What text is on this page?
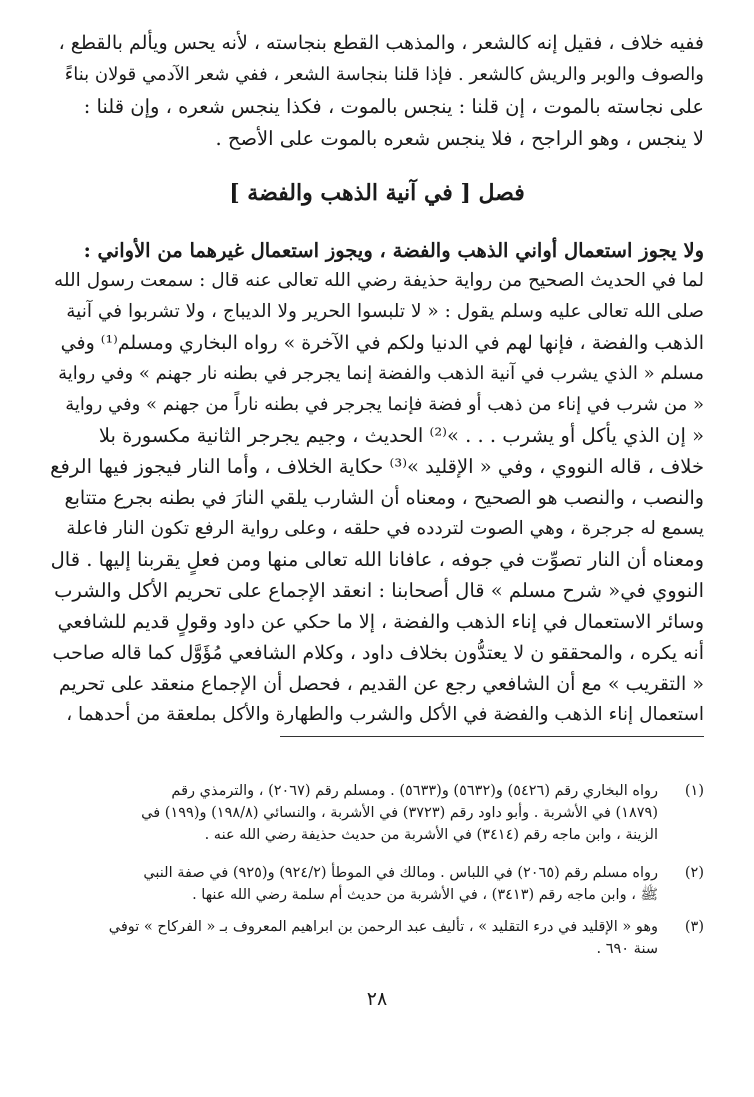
ففيه خلاف ، فقيل إنه كالشعر ، والمذهب القطع بنجاسته ، لأنه يحس ويألم بالقطع ،
والصوف والوبر والريش كالشعر . فإذا قلنا بنجاسة الشعر ، ففي شعر الآدمي قولان بناءً
على نجاسته بالموت ، إن قلنا : ينجس بالموت ، فكذا ينجس شعره ، وإن قلنا :
لا ينجس ، وهو الراجح ، فلا ينجس شعره بالموت على الأصح .
فصل [ في آنية الذهب والفضة ]
ولا يجوز استعمال أواني الذهب والفضة ، ويجوز استعمال غيرهما من الأواني :
لما في الحديث الصحيح من رواية حذيفة رضي الله تعالى عنه قال : سمعت رسول الله
صلى الله تعالى عليه وسلم يقول : « لا تلبسوا الحرير ولا الديباج ، ولا تشربوا في آنية
الذهب والفضة ، فإنها لهم في الدنيا ولكم في الآخرة » رواه البخاري ومسلم⁽¹⁾ وفي
مسلم « الذي يشرب في آنية الذهب والفضة إنما يجرجر في بطنه نار جهنم » وفي رواية
« من شرب في إناء من ذهب أو فضة فإنما يجرجر في بطنه ناراً من جهنم » وفي رواية
« إن الذي يأكل أو يشرب . . . »⁽²⁾ الحديث ، وجيم يجرجر الثانية مكسورة بلا
خلاف ، قاله النووي ، وفي « الإقليد »⁽³⁾ حكاية الخلاف ، وأما النار فيجوز فيها الرفع
والنصب ، والنصب هو الصحيح ، ومعناه أن الشارب يلقي النارَ في بطنه بجرع متتابع
يسمع له جرجرة ، وهي الصوت لتردده في حلقه ، وعلى رواية الرفع تكون النار فاعلة
ومعناه أن النار تصوِّت في جوفه ، عافانا الله تعالى منها ومن فعلٍ يقربنا إليها . قال
النووي في« شرح مسلم » قال أصحابنا : انعقد الإجماع على تحريم الأكل والشرب
وسائر الاستعمال في إناء الذهب والفضة ، إلا ما حكي عن داود وقولٍ قديم للشافعي
أنه يكره ، والمحققو ن لا يعتدُّون بخلاف داود ، وكلام الشافعي مُؤَوَّل كما قاله صاحب
« التقريب » مع أن الشافعي رجع عن القديم ، فحصل أن الإجماع منعقد على تحريم
استعمال إناء الذهب والفضة في الأكل والشرب والطهارة والأكل بملعقة من أحدهما ،
(١)
رواه البخاري رقم (٥٤٢٦) و(٥٦٣٢) و(٥٦٣٣) . ومسلم رقم (٢٠٦٧) ، والترمذي رقم
(١٨٧٩) في الأشربة . وأبو داود رقم (٣٧٢٣) في الأشربة ، والنسائي (١٩٨/٨) و(١٩٩) في
الزينة ، وابن ماجه رقم (٣٤١٤) في الأشربة من حديث حذيفة رضي الله عنه .
(٢)
رواه مسلم رقم (٢٠٦٥) في اللباس . ومالك في الموطأ (٩٢٤/٢) و(٩٢٥) في صفة النبي
ﷺ ، وابن ماجه رقم (٣٤١٣) ، في الأشربة من حديث أم سلمة رضي الله عنها .
(٣)
وهو « الإقليد في درء التقليد » ، تأليف عبد الرحمن بن ابراهيم المعروف بـ « الفركاح » توفي
سنة ٦٩٠ .
٢٨
